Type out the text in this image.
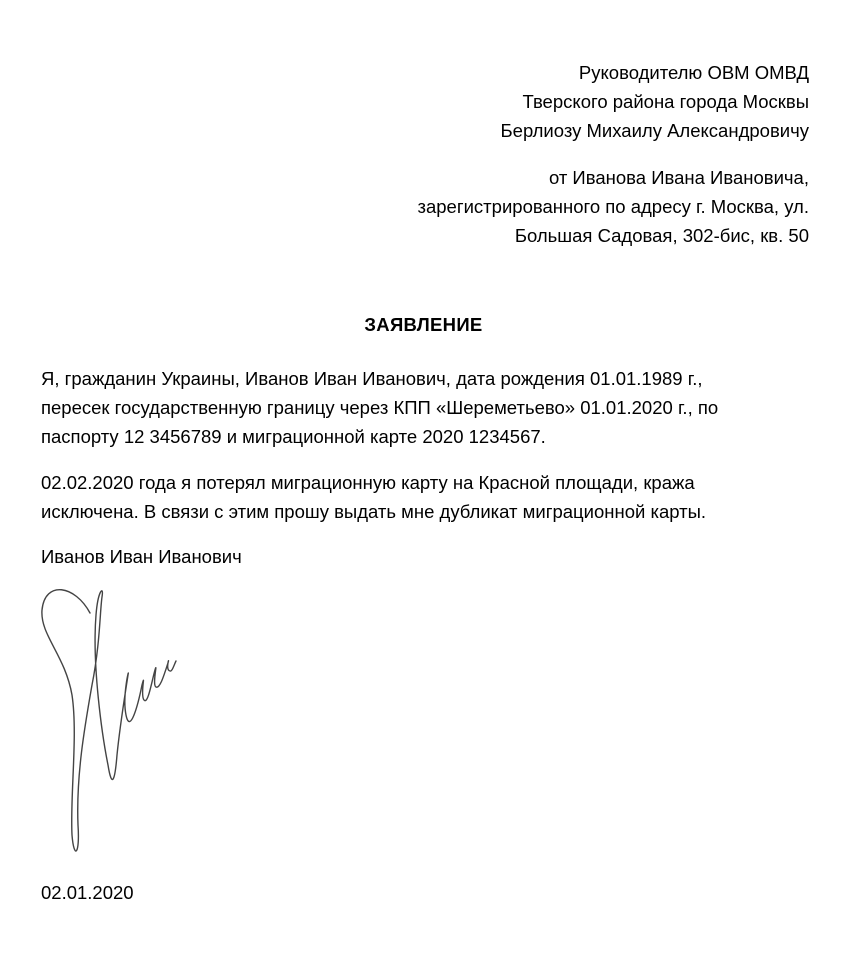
Руководителю ОВМ ОМВД
Тверского района города Москвы
Берлиозу Михаилу Александровичу
от Иванова Ивана Ивановича,
зарегистрированного по адресу г. Москва, ул.
Большая Садовая, 302-бис, кв. 50
ЗАЯВЛЕНИЕ
Я, гражданин Украины, Иванов Иван Иванович, дата рождения 01.01.1989 г.,
пересек государственную границу через КПП «Шереметьево» 01.01.2020 г., по
паспорту 12 3456789 и миграционной карте 2020 1234567.
02.02.2020 года я потерял миграционную карту на Красной площади, кража
исключена. В связи с этим прошу выдать мне дубликат миграционной карты.
Иванов Иван Иванович
02.01.2020
